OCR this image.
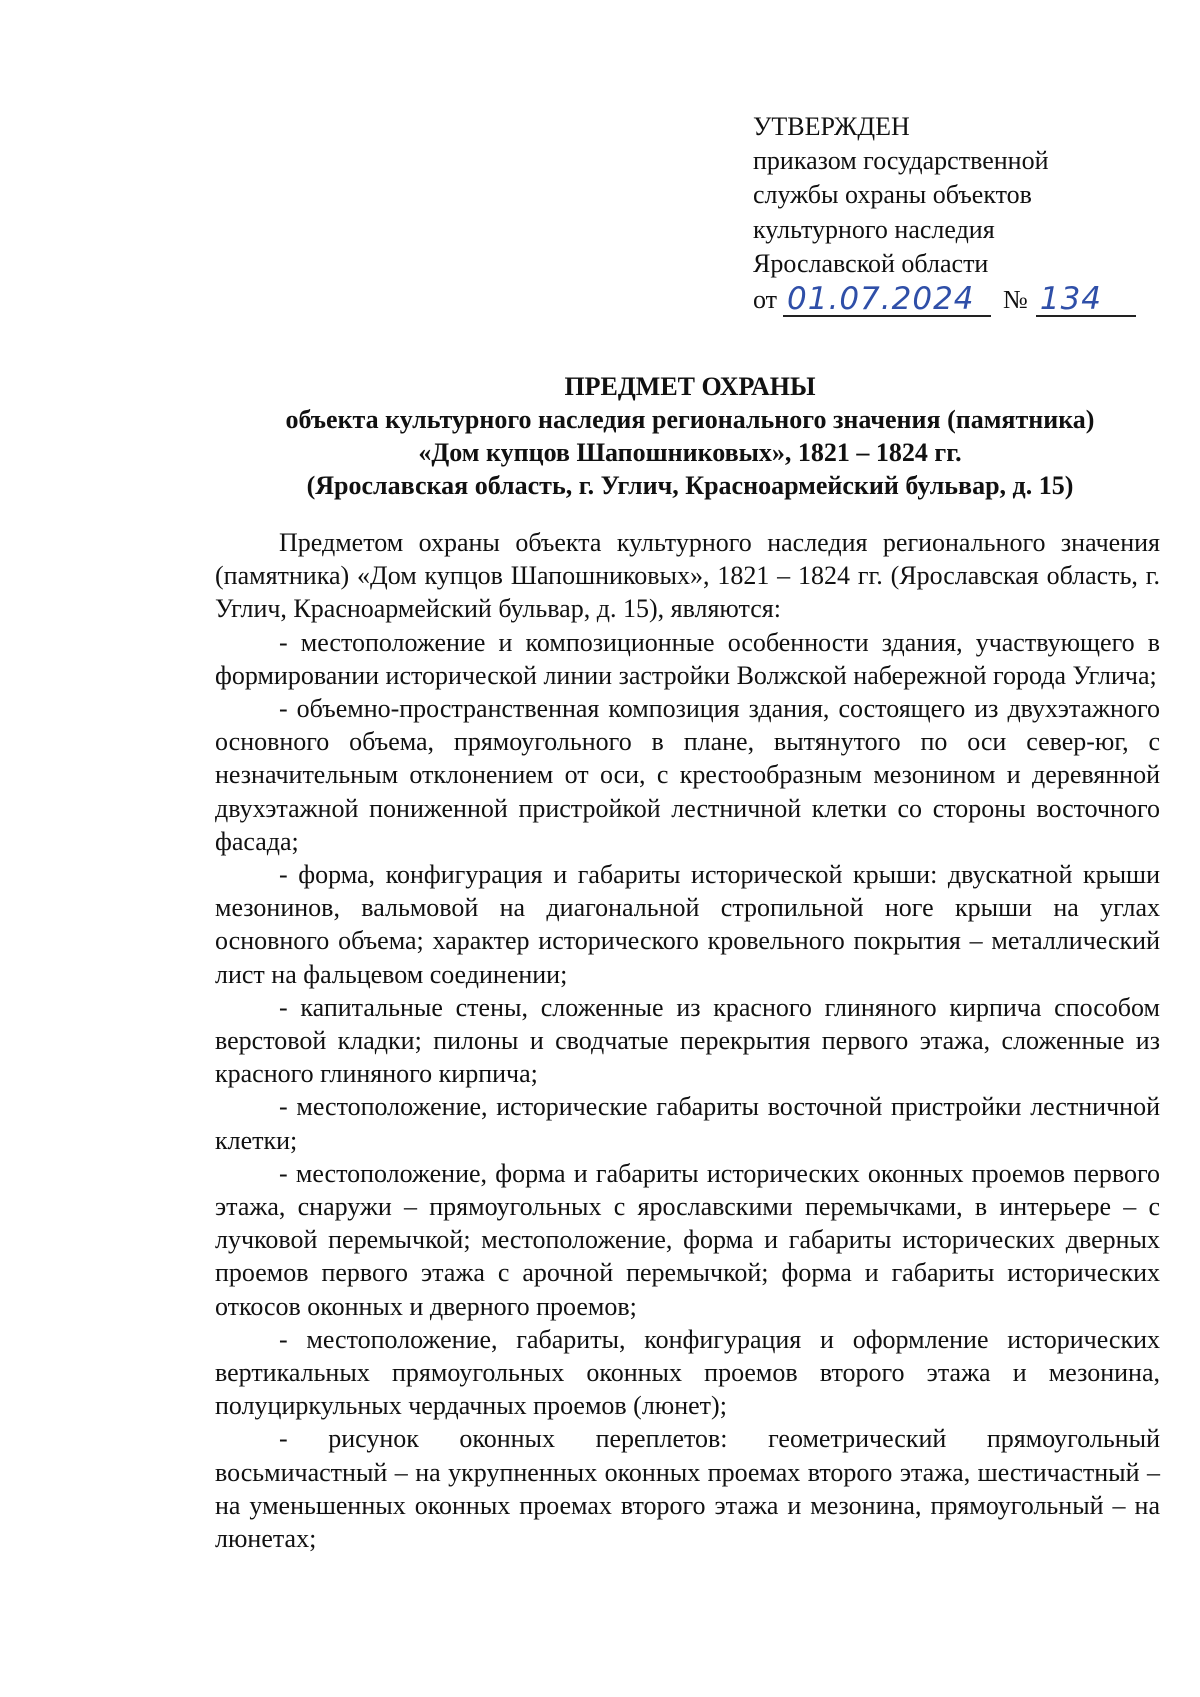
УТВЕРЖДЕН
приказом государственной
службы охраны объектов
культурного наследия
Ярославской области
от 01.07.2024	№ 134
ПРЕДМЕТ ОХРАНЫ
объекта культурного наследия регионального значения (памятника)
«Дом купцов Шапошниковых», 1821 – 1824 гг.
(Ярославская область, г. Углич, Красноармейский бульвар, д. 15)

Предметом охраны объекта культурного наследия регионального значения (памятника) «Дом купцов Шапошниковых», 1821 – 1824 гг. (Ярославская область, г. Углич, Красноармейский бульвар, д. 15), являются:

- местоположение и композиционные особенности здания, участвующего в формировании исторической линии застройки Волжской набережной города Углича;

- объемно-пространственная композиция здания, состоящего из двухэтажного основного объема, прямоугольного в плане, вытянутого по оси север-юг, с незначительным отклонением от оси, с крестообразным мезонином и деревянной двухэтажной пониженной пристройкой лестничной клетки со стороны восточного фасада;

- форма, конфигурация и габариты исторической крыши: двускатной крыши мезонинов, вальмовой на диагональной стропильной ноге крыши на углах основного объема; характер исторического кровельного покрытия – металлический лист на фальцевом соединении;

- капитальные стены, сложенные из красного глиняного кирпича способом верстовой кладки; пилоны и сводчатые перекрытия первого этажа, сложенные из красного глиняного кирпича;

- местоположение, исторические габариты восточной пристройки лестничной клетки;

- местоположение, форма и габариты исторических оконных проемов первого этажа, снаружи – прямоугольных с ярославскими перемычками, в интерьере – с лучковой перемычкой; местоположение, форма и габариты исторических дверных проемов первого этажа с арочной перемычкой; форма и габариты исторических откосов оконных и дверного проемов;

- местоположение, габариты, конфигурация и оформление исторических вертикальных прямоугольных оконных проемов второго этажа и мезонина, полуциркульных чердачных проемов (люнет);

- рисунок оконных переплетов: геометрический прямоугольный восьмичастный – на укрупненных оконных проемах второго этажа, шестичастный – на уменьшенных оконных проемах второго этажа и мезонина, прямоугольный – на люнетах;
